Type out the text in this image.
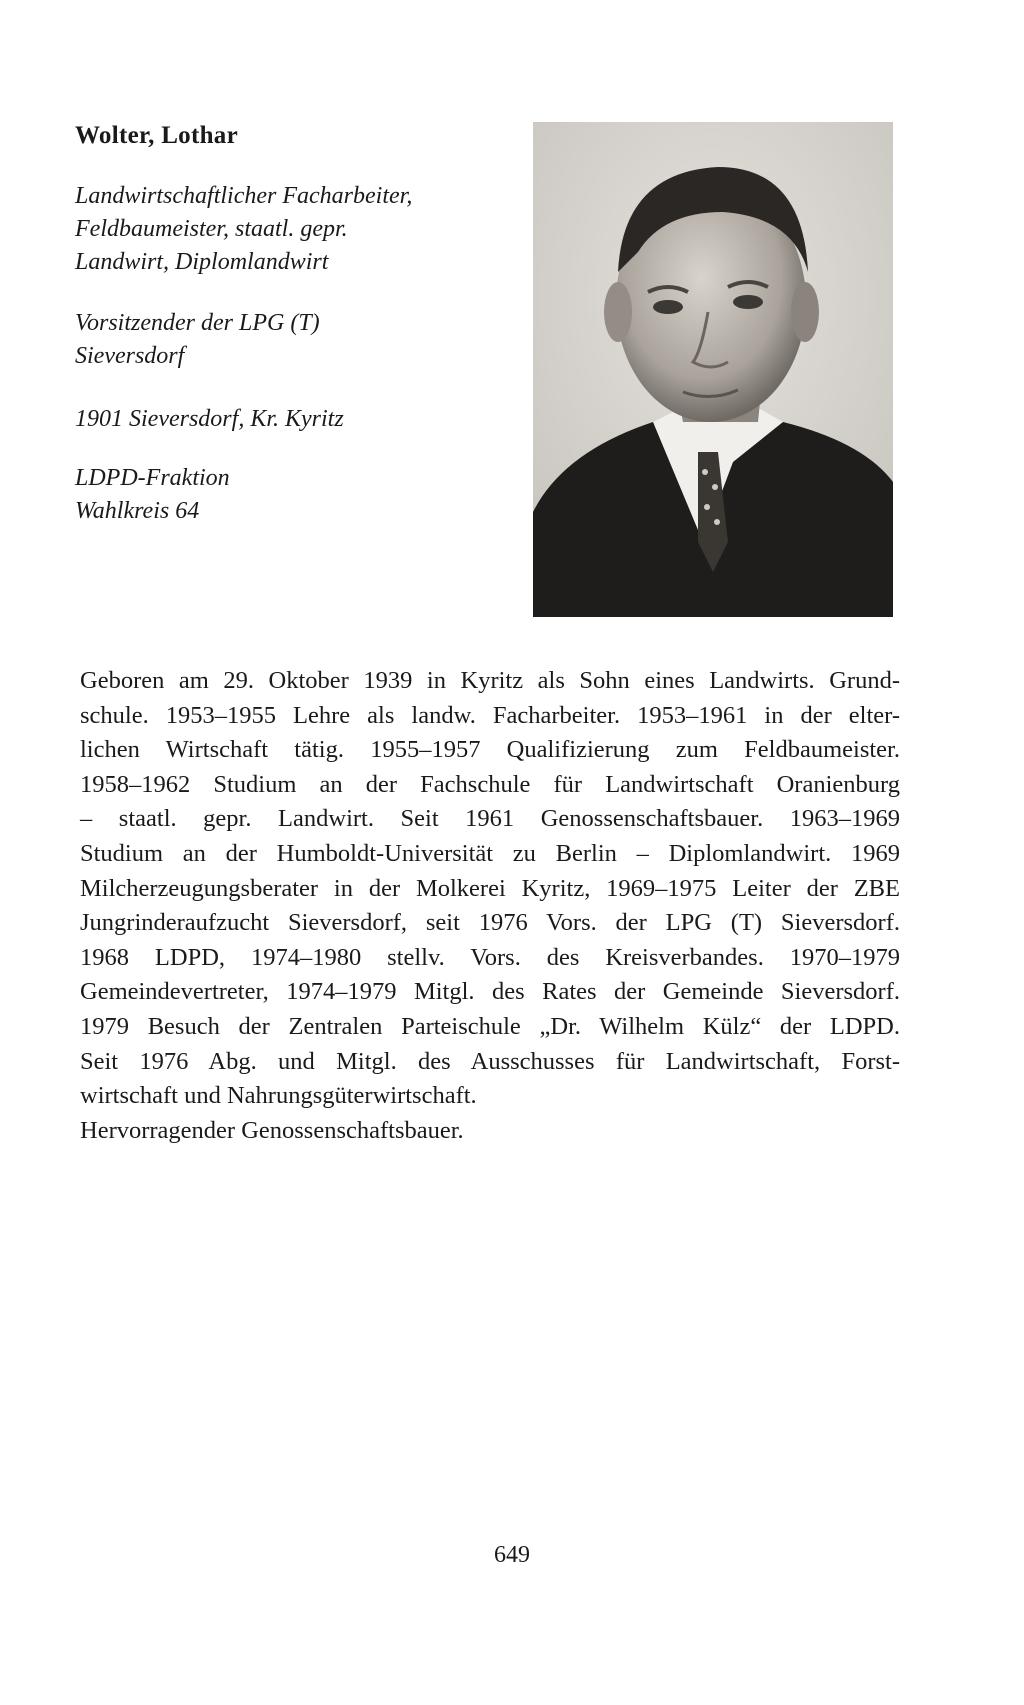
Wolter, Lothar
Landwirtschaftlicher Facharbeiter,
Feldbaumeister, staatl. gepr.
Landwirt, Diplomlandwirt
Vorsitzender der LPG (T)
Sieversdorf
1901 Sieversdorf, Kr. Kyritz
LDPD-Fraktion
Wahlkreis 64
Geboren am 29. Oktober 1939 in Kyritz als Sohn eines Landwirts. Grund-
schule. 1953–1955 Lehre als landw. Facharbeiter. 1953–1961 in der elter-
lichen Wirtschaft tätig. 1955–1957 Qualifizierung zum Feldbaumeister.
1958–1962 Studium an der Fachschule für Landwirtschaft Oranienburg
– staatl. gepr. Landwirt. Seit 1961 Genossenschaftsbauer. 1963–1969
Studium an der Humboldt-Universität zu Berlin – Diplomlandwirt. 1969
Milcherzeugungsberater in der Molkerei Kyritz, 1969–1975 Leiter der ZBE
Jungrinderaufzucht Sieversdorf, seit 1976 Vors. der LPG (T) Sieversdorf.
1968 LDPD, 1974–1980 stellv. Vors. des Kreisverbandes. 1970–1979
Gemeindevertreter, 1974–1979 Mitgl. des Rates der Gemeinde Sieversdorf.
1979 Besuch der Zentralen Parteischule „Dr. Wilhelm Külz“ der LDPD.
Seit 1976 Abg. und Mitgl. des Ausschusses für Landwirtschaft, Forst-
wirtschaft und Nahrungsgüterwirtschaft.
Hervorragender Genossenschaftsbauer.
649
